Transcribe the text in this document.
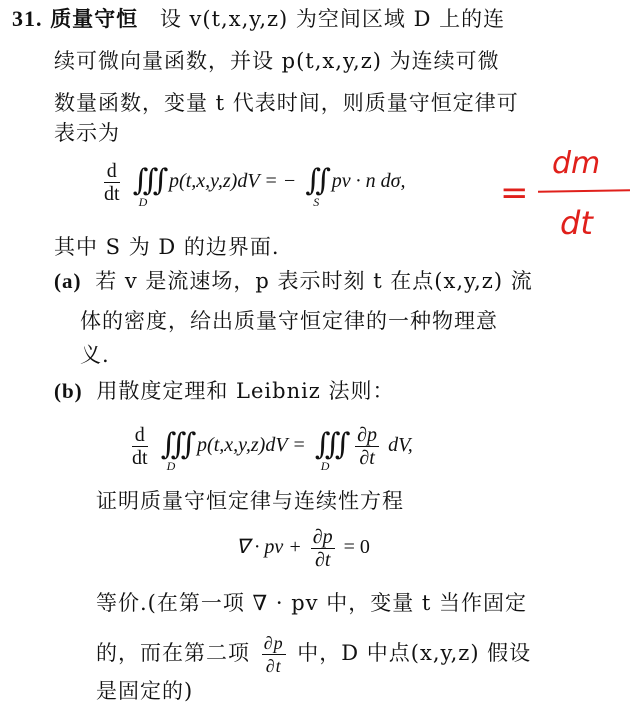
31. 质量守恒 设 v(t,x,y,z) 为空间区域 D 上的连
续可微向量函数，并设 p(t,x,y,z) 为连续可微
数量函数，变量 t 代表时间，则质量守恒定律可
表示为
$\frac{d}{dt}$ ∭
D
p(t,x,y,z)dV = − ∬
S
pv · n dσ,	=
dm
dt
其中 S 为 D 的边界面.
(a) 若 v 是流速场，p 表示时刻 t 在点(x,y,z) 流
体的密度，给出质量守恒定律的一种物理意
义.
(b) 用散度定理和 Leibniz 法则：
$\frac{d}{dt}$ ∭
D
p(t,x,y,z)dV = ∭
D
$\frac{\partial p}{\partial t}$ dV,
证明质量守恒定律与连续性方程
∇ · pv + $\frac{\partial p}{\partial t} = 0$
等价.(在第一项 ∇ · pv 中，变量 t 当作固定
的，而在第二项 $\frac{\partial p}{\partial t}$ 中，D 中点(x,y,z) 假设
是固定的)
